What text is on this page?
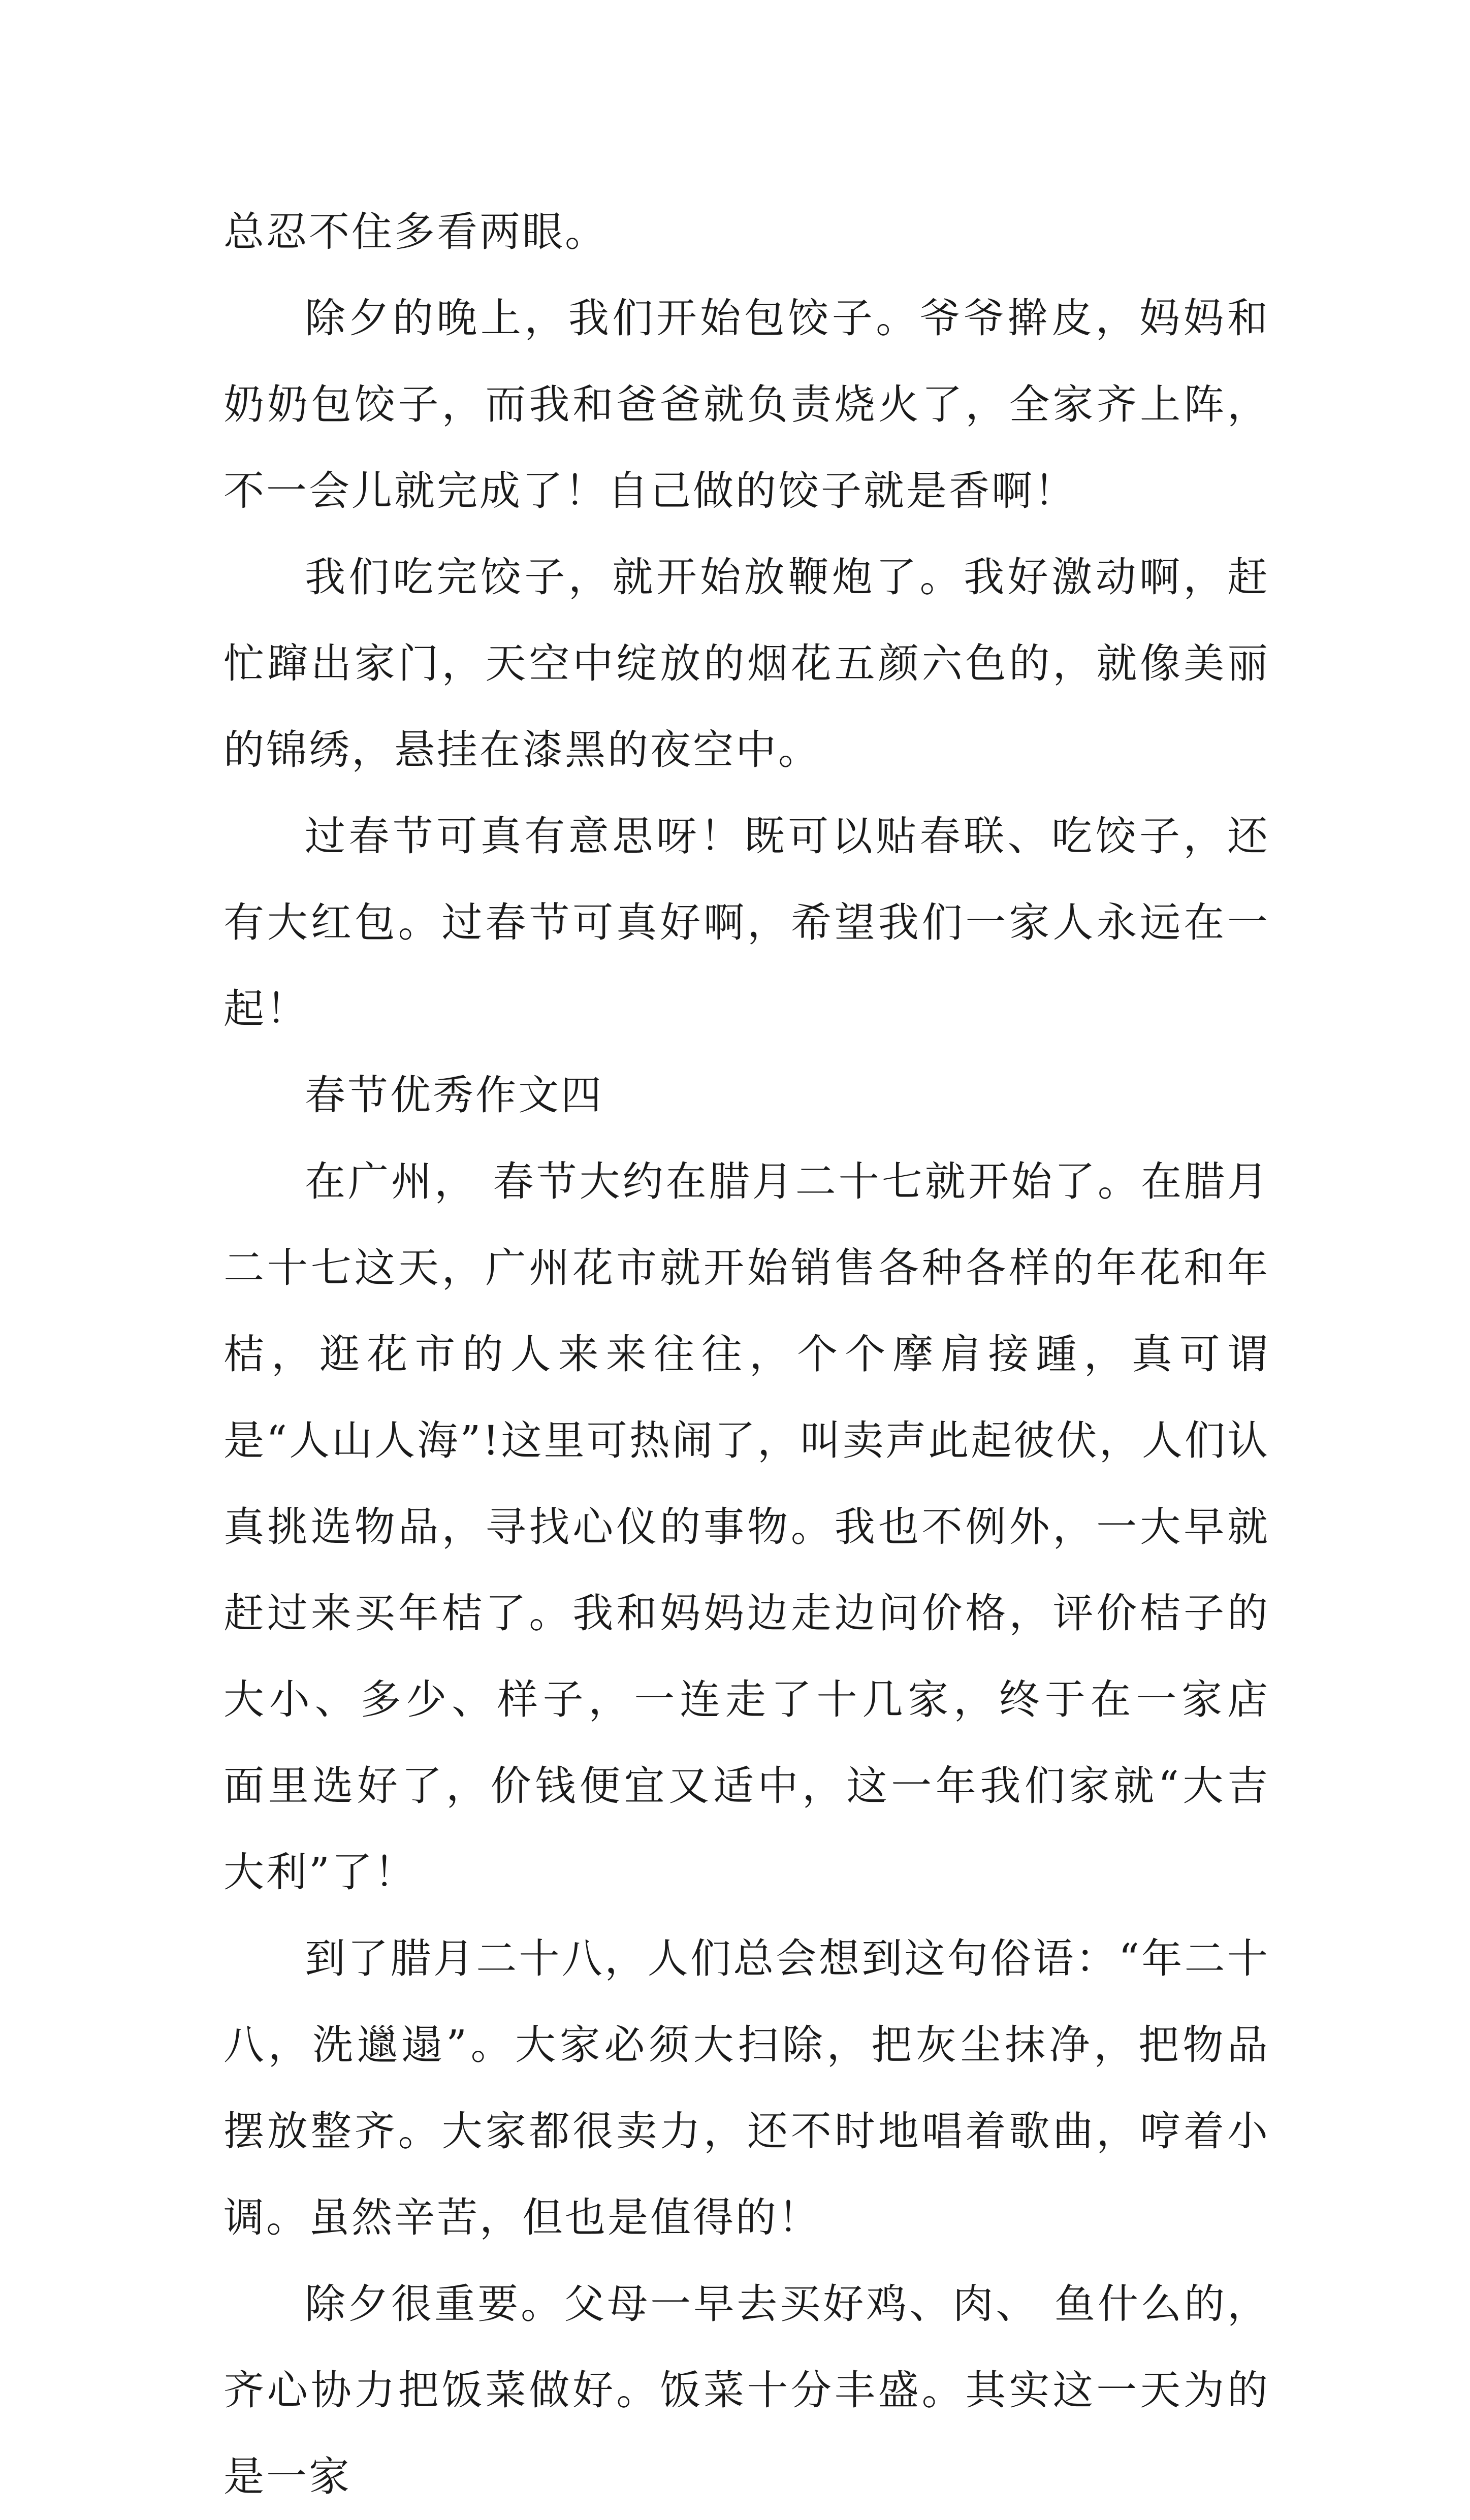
总忍不住多看两眼。

除夕的晚上，我们开始包饺子。爷爷擀皮，妈妈和奶奶包饺子，而我和爸爸就负责烧火了，全家齐上阵，不一会儿就完成了！自己做的饺子就是香啊！

我们吃完饺子，就开始放鞭炮了。我好激动啊，赶忙蹿出家门，天空中绽放的烟花五颜六色的，就像美丽的锦绣，悬挂在漆黑的夜空中。

过春节可真有意思呀！既可以贴春联、吃饺子，还有大红包。过春节可真好啊，希望我们一家人永远在一起！

春节优秀作文四

在广州， 春节大约在腊月二十七就开始了。在腊月二十七这天，广州花市就开始销售各种各样的年花和年桔，逛花市的人来来往往，个个摩肩接踵，真可谓是“人山人海”!这里可热闹了，叫卖声此起彼伏，人们认真挑选物品，寻找心仪的事物。我也不例外，一大早就赶过来买年桔了。我和妈妈边走边问价格，评价桔子的大小、多少、样子，一连走了十几家，终于在一家店　 面里选好了，价钱便宜又适中，这一年我们家就“大吉大利”了！

到了腊月二十八，人们总会想到这句俗语：“年二十八，洗邋遢”。大家必须大扫除，把灰尘抹净，把物品摆放整齐。大家都很卖力，还不时地唱着歌曲，哼着小调。虽然辛苦，但也是值得的！

除夕很重要。父母一早去买好鸡、肉、 鱼什么的，齐心协力把饭菜做好。饭菜十分丰盛。其实这一天为的是一家
